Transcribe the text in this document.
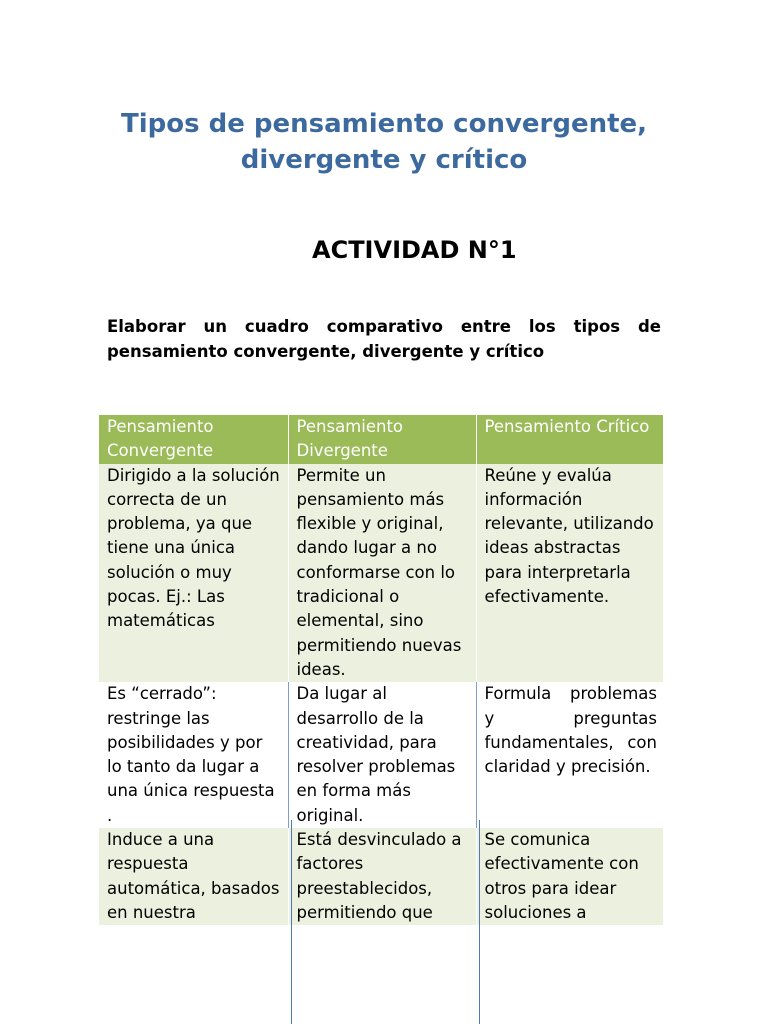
Tipos de pensamiento convergente,
divergente y crítico
ACTIVIDAD N°1

Elaborar un cuadro comparativo entre los tipos de
pensamiento convergente, divergente y crítico

Pensamiento Convergente	Pensamiento Divergente	Pensamiento Crítico
Dirigido a la solución correcta de un problema, ya que tiene una única solución o muy pocas. Ej.: Las matemáticas	Permite un pensamiento más flexible y original, dando lugar a no conformarse con lo tradicional o elemental, sino permitiendo nuevas ideas.	Reúne y evalúa información relevante, utilizando ideas abstractas para interpretarla efectivamente.
Es “cerrado”: restringe las posibilidades y por lo tanto da lugar a una única respuesta .	Da lugar al desarrollo de la creatividad, para resolver problemas en forma más original.	Formula problemas y preguntas fundamentales, con claridad y precisión.
Induce a una respuesta automática, basados en nuestra	Está desvinculado a factores preestablecidos, permitiendo que	Se comunica efectivamente con otros para idear soluciones a
